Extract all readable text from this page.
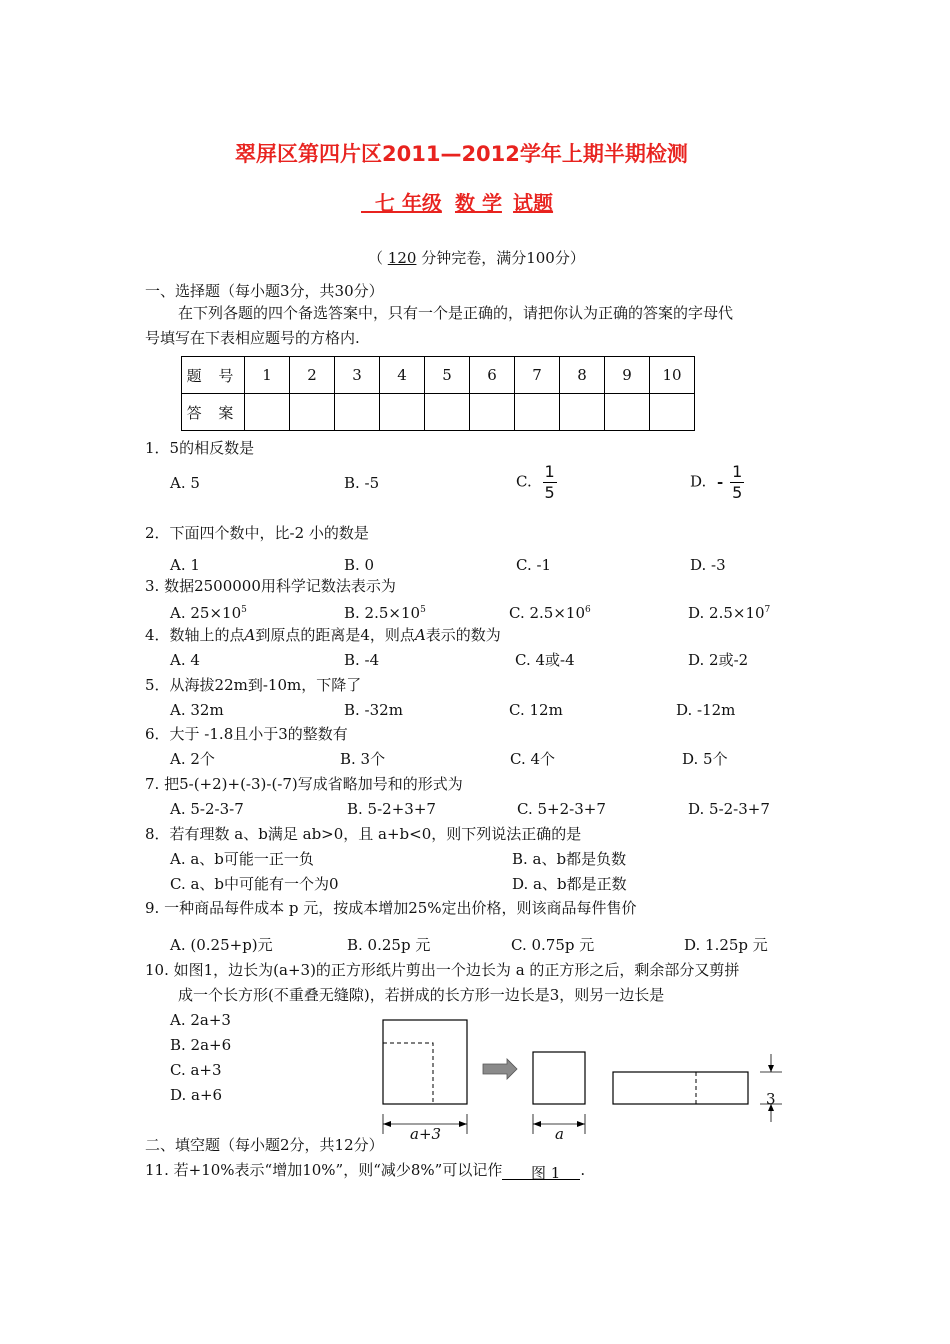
翠屏区第四片区2011—2012学年上期半期检测
七 年级 数 学 试题
（ 120 分钟完卷，满分100分）
一、选择题（每小题3分，共30分）
在下列各题的四个备选答案中，只有一个是正确的，请把你认为正确的答案的字母代
号填写在下表相应题号的方格内.
题 号	1	2	3	4	5	6	7	8	9	10
答 案										
1．5的相反数是
A. 5	B. -5	C. $\frac{1}{5}$	D. - $\frac{1}{5}$
2．下面四个数中，比-2 小的数是
A. 1	B. 0	C. -1	D. -3
3. 数据2500000用科学记数法表示为
A. $25\times 10^5$	B. $2.5\times 10^5$	C. $2.5\times 10^6$	D. $2.5\times 10^7$
4．数轴上的点A到原点的距离是4，则点A表示的数为
A. 4	B. -4	C. 4或-4	D. 2或-2
5．从海拔22m到-10m，下降了
A. 32m	B. -32m	C. 12m	D. -12m
6．大于 -1.8且小于3的整数有
A. 2个	B. 3个	C. 4个	D. 5个
7. 把5-(+2)+(-3)-(-7)写成省略加号和的形式为
A. 5-2-3-7	B. 5-2+3+7	C. 5+2-3+7	D. 5-2-3+7
8．若有理数 a、b满足 ab>0，且 a+b<0，则下列说法正确的是
A. a、b可能一正一负	B. a、b都是负数
C. a、b中可能有一个为0	D. a、b都是正数
9. 一种商品每件成本 p 元，按成本增加25%定出价格，则该商品每件售价
A. (0.25+p)元	B. 0.25p 元	C. 0.75p 元	D. 1.25p 元
10. 如图1，边长为(a+3)的正方形纸片剪出一个边长为 a 的正方形之后，剩余部分又剪拼
成一个长方形(不重叠无缝隙)，若拼成的长方形一边长是3，则另一边长是
A. 2a+3
B. 2a+6
C. a+3
D. a+6
a+3	a
3
图 1
二、填空题（每小题2分，共12分）
11. 若+10%表示“增加10%”，则“减少8%”可以记作	.
